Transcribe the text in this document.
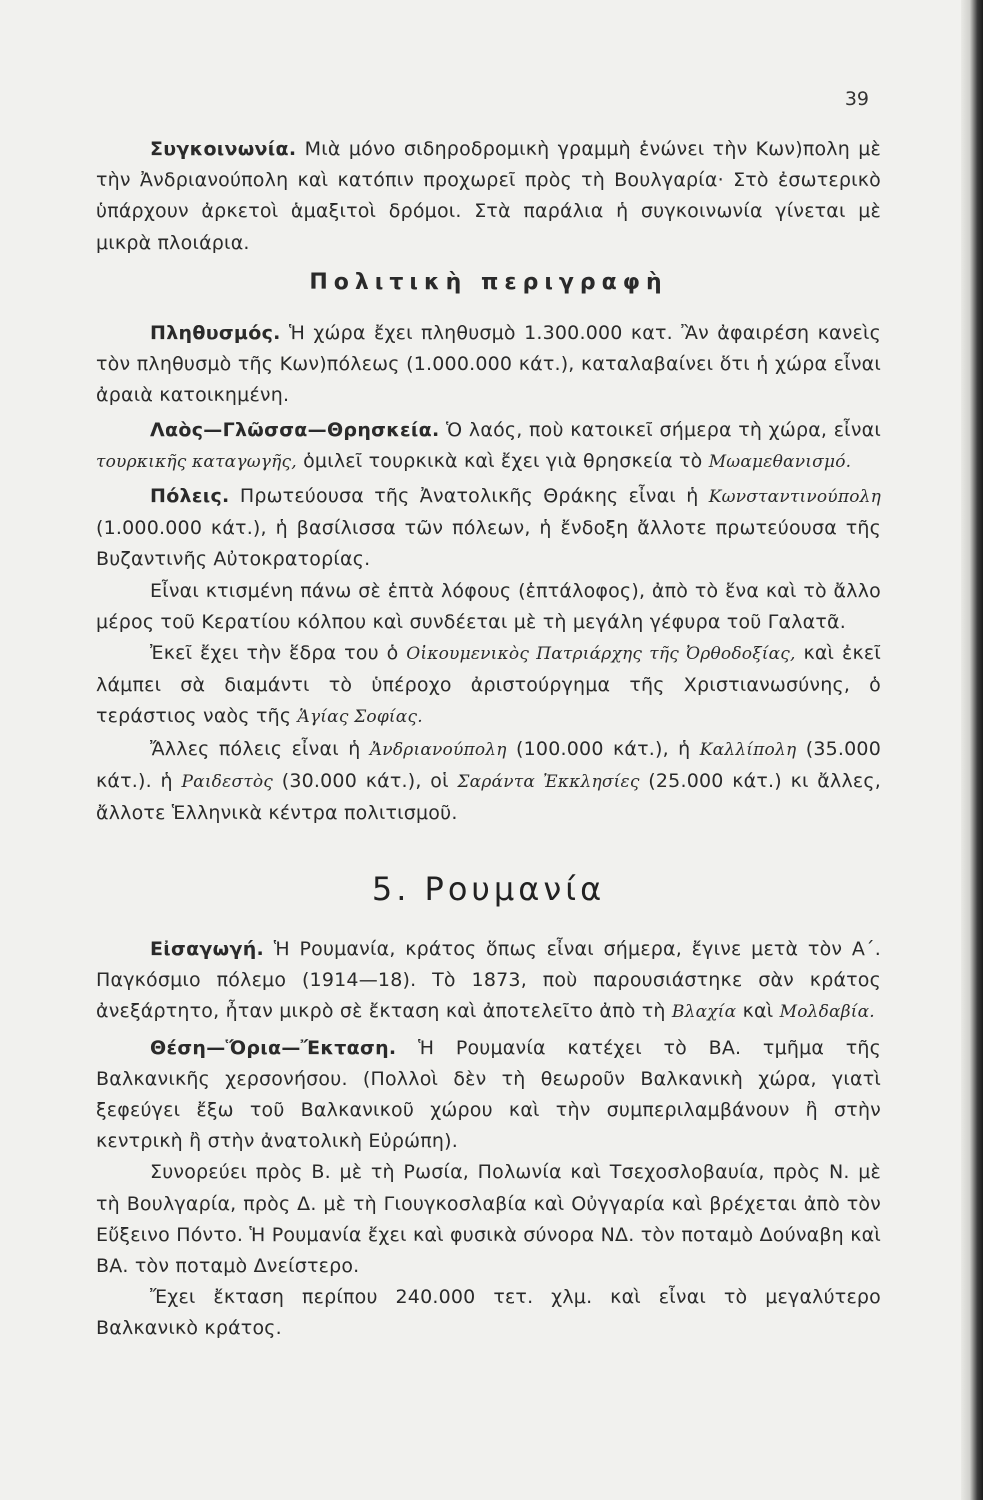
39

Συγκοινωνία. Μιὰ μόνο σιδηροδρομικὴ γραμμὴ ἑνώνει τὴν Κων)πολη μὲ τὴν Ἀνδριανούπολη καὶ κατόπιν προχωρεῖ πρὸς τὴ Βουλγαρία· Στὸ ἐσωτερικὸ ὑπάρχουν ἀρκετοὶ ἁμαξιτοὶ δρόμοι. Στὰ παράλια ἡ συγκοινωνία γίνεται μὲ μικρὰ πλοιάρια.

Πολιτικὴ περιγραφὴ

Πληθυσμός. Ἡ χώρα ἔχει πληθυσμὸ 1.300.000 κατ. Ἂν ἀφαιρέση κανεὶς τὸν πληθυσμὸ τῆς Κων)πόλεως (1.000.000 κάτ.), καταλαβαίνει ὅτι ἡ χώρα εἶναι ἀραιὰ κατοικημένη.

Λαὸς—Γλῶσσα—Θρησκεία. Ὁ λαός, ποὺ κατοικεῖ σήμερα τὴ χώρα, εἶναι τουρκικῆς καταγωγῆς, ὁμιλεῖ τουρκικὰ καὶ ἔχει γιὰ θρησκεία τὸ Μωαμεθανισμό.

Πόλεις. Πρωτεύουσα τῆς Ἀνατολικῆς Θράκης εἶναι ἡ Κωνσταντινούπολη (1.000.000 κάτ.), ἡ βασίλισσα τῶν πόλεων, ἡ ἔνδοξη ἄλλοτε πρωτεύουσα τῆς Βυζαντινῆς Αὐτοκρατορίας.

Εἶναι κτισμένη πάνω σὲ ἑπτὰ λόφους (ἑπτάλοφος), ἀπὸ τὸ ἕνα καὶ τὸ ἄλλο μέρος τοῦ Κερατίου κόλπου καὶ συνδέεται μὲ τὴ μεγάλη γέφυρα τοῦ Γαλατᾶ.

Ἐκεῖ ἔχει τὴν ἕδρα του ὁ Οἰκουμενικὸς Πατριάρχης τῆς Ὀρθοδοξίας, καὶ ἐκεῖ λάμπει σὰ διαμάντι τὸ ὑπέροχο ἀριστούργημα τῆς Χριστιανωσύνης, ὁ τεράστιος ναὸς τῆς Ἁγίας Σοφίας.

Ἄλλες πόλεις εἶναι ἡ Ἀνδριανούπολη (100.000 κάτ.), ἡ Καλλίπολη (35.000 κάτ.). ἡ Ραιδεστὸς (30.000 κάτ.), οἱ Σαράντα Ἐκκλησίες (25.000 κάτ.) κι ἄλλες, ἄλλοτε Ἑλληνικὰ κέντρα πολιτισμοῦ.

5. Ρουμανία

Εἰσαγωγή. Ἡ Ρουμανία, κράτος ὅπως εἶναι σήμερα, ἔγινε μετὰ τὸν Α΄. Παγκόσμιο πόλεμο (1914—18). Τὸ 1873, ποὺ παρουσιάστηκε σὰν κράτος ἀνεξάρτητο, ἦταν μικρὸ σὲ ἔκταση καὶ ἀποτελεῖτο ἀπὸ τὴ Βλαχία καὶ Μολδαβία.

Θέση—Ὅρια—Ἔκταση. Ἡ Ρουμανία κατέχει τὸ ΒΑ. τμῆμα τῆς Βαλκανικῆς χερσονήσου. (Πολλοὶ δὲν τὴ θεωροῦν Βαλκανικὴ χώρα, γιατὶ ξεφεύγει ἔξω τοῦ Βαλκανικοῦ χώρου καὶ τὴν συμπεριλαμβάνουν ἢ στὴν κεντρικὴ ἢ στὴν ἀνατολικὴ Εὐρώπη).

Συνορεύει πρὸς Β. μὲ τὴ Ρωσία, Πολωνία καὶ Τσεχοσλοβαυία, πρὸς Ν. μὲ τὴ Βουλγαρία, πρὸς Δ. μὲ τὴ Γιουγκοσλαβία καὶ Οὐγγαρία καὶ βρέχεται ἀπὸ τὸν Εὔξεινο Πόντο. Ἡ Ρουμανία ἔχει καὶ φυσικὰ σύνορα ΝΔ. τὸν ποταμὸ Δούναβη καὶ ΒΑ. τὸν ποταμὸ Δνείστερο.

Ἔχει ἔκταση περίπου 240.000 τετ. χλμ. καὶ εἶναι τὸ μεγαλύτερο Βαλκανικὸ κράτος.
